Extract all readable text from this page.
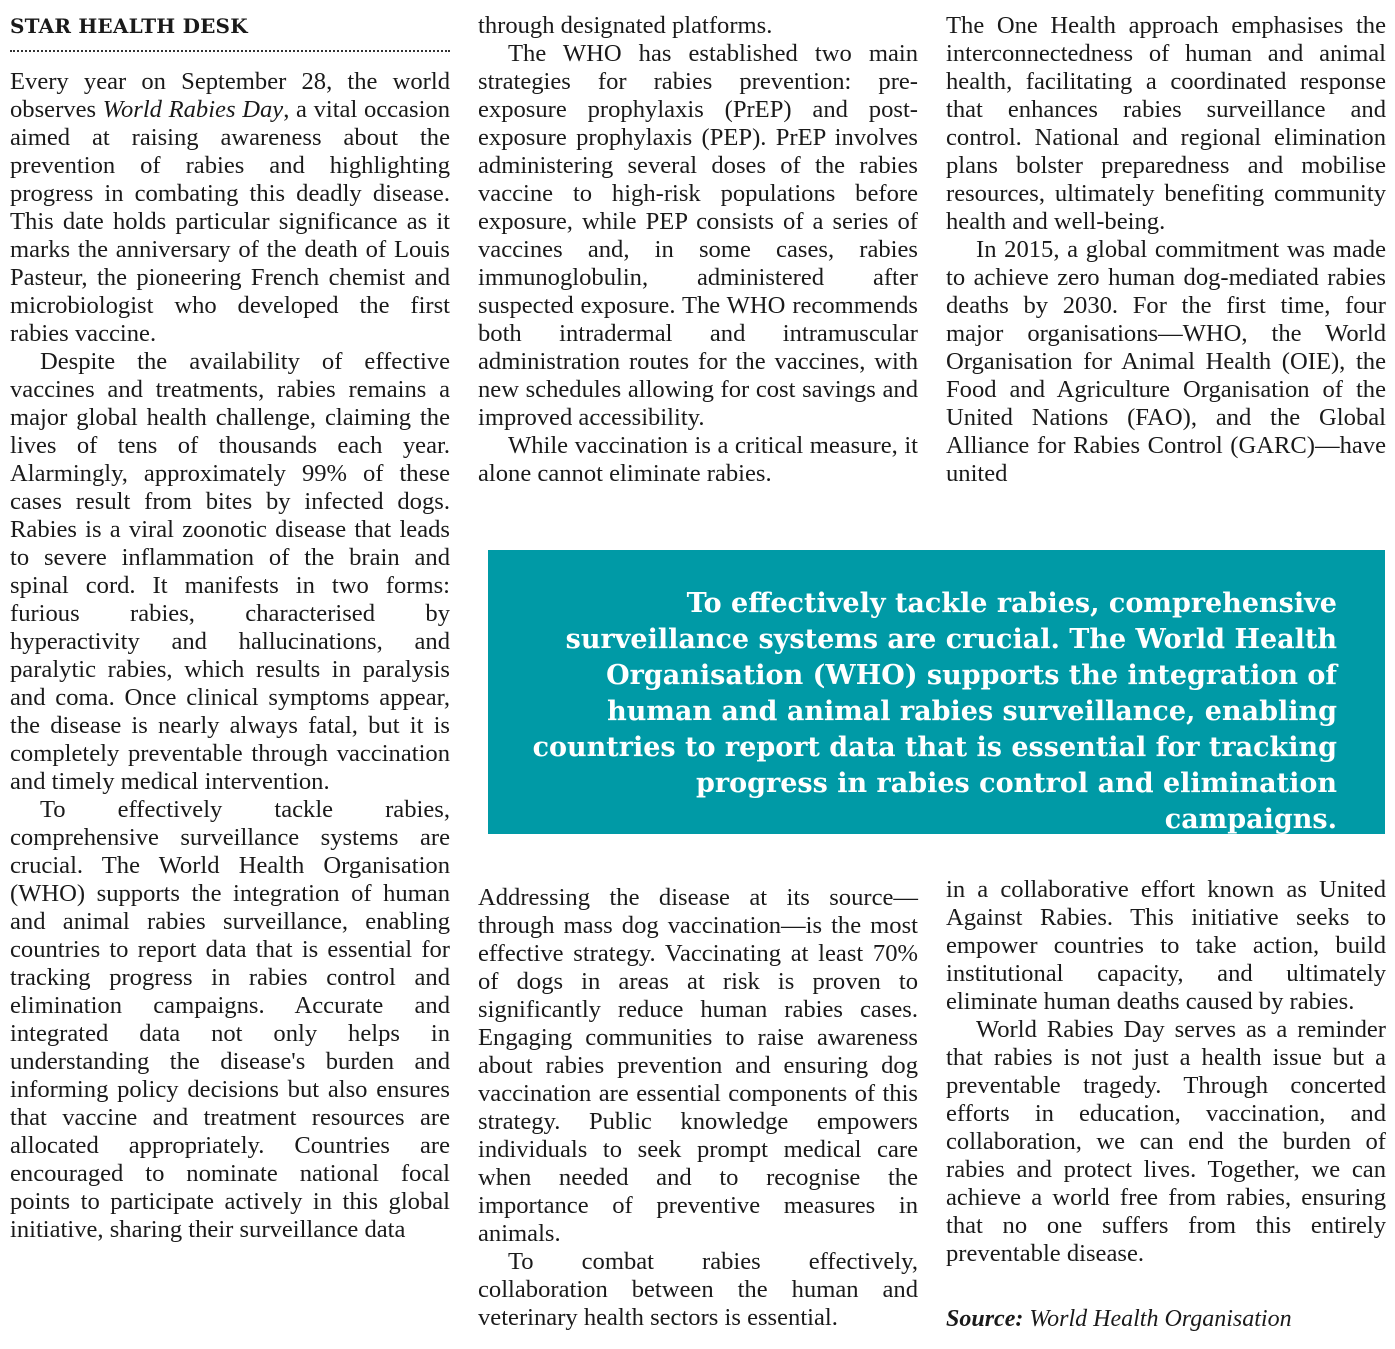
STAR HEALTH DESK

Every year on September 28, the world observes World Rabies Day, a vital occasion aimed at raising awareness about the prevention of rabies and highlighting progress in combating this deadly disease. This date holds particular significance as it marks the anniversary of the death of Louis Pasteur, the pioneering French chemist and microbiologist who developed the first rabies vaccine.

Despite the availability of effective vaccines and treatments, rabies remains a major global health challenge, claiming the lives of tens of thousands each year. Alarmingly, approximately 99% of these cases result from bites by infected dogs. Rabies is a viral zoonotic disease that leads to severe inflammation of the brain and spinal cord. It manifests in two forms: furious rabies, characterised by hyperactivity and hallucinations, and paralytic rabies, which results in paralysis and coma. Once clinical symptoms appear, the disease is nearly always fatal, but it is completely preventable through vaccination and timely medical intervention.

To effectively tackle rabies, comprehensive surveillance systems are crucial. The World Health Organisation (WHO) supports the integration of human and animal rabies surveillance, enabling countries to report data that is essential for tracking progress in rabies control and elimination campaigns. Accurate and integrated data not only helps in understanding the disease's burden and informing policy decisions but also ensures that vaccine and treatment resources are allocated appropriately. Countries are encouraged to nominate national focal points to participate actively in this global initiative, sharing their surveillance data

through designated platforms.

The WHO has established two main strategies for rabies prevention: pre-exposure prophylaxis (PrEP) and post-exposure prophylaxis (PEP). PrEP involves administering several doses of the rabies vaccine to high-risk populations before exposure, while PEP consists of a series of vaccines and, in some cases, rabies immunoglobulin, administered after suspected exposure. The WHO recommends both intradermal and intramuscular administration routes for the vaccines, with new schedules allowing for cost savings and improved accessibility.

While vaccination is a critical measure, it alone cannot eliminate rabies.

The One Health approach emphasises the interconnectedness of human and animal health, facilitating a coordinated response that enhances rabies surveillance and control. National and regional elimination plans bolster preparedness and mobilise resources, ultimately benefiting community health and well-being.

In 2015, a global commitment was made to achieve zero human dog-mediated rabies deaths by 2030. For the first time, four major organisations—WHO, the World Organisation for Animal Health (OIE), the Food and Agriculture Organisation of the United Nations (FAO), and the Global Alliance for Rabies Control (GARC)—have united

To effectively tackle rabies, comprehensive surveillance systems are crucial. The World Health Organisation (WHO) supports the integration of human and animal rabies surveillance, enabling countries to report data that is essential for tracking progress in rabies control and elimination campaigns.

Addressing the disease at its source—through mass dog vaccination—is the most effective strategy. Vaccinating at least 70% of dogs in areas at risk is proven to significantly reduce human rabies cases. Engaging communities to raise awareness about rabies prevention and ensuring dog vaccination are essential components of this strategy. Public knowledge empowers individuals to seek prompt medical care when needed and to recognise the importance of preventive measures in animals.

To combat rabies effectively, collaboration between the human and veterinary health sectors is essential.

in a collaborative effort known as United Against Rabies. This initiative seeks to empower countries to take action, build institutional capacity, and ultimately eliminate human deaths caused by rabies.

World Rabies Day serves as a reminder that rabies is not just a health issue but a preventable tragedy. Through concerted efforts in education, vaccination, and collaboration, we can end the burden of rabies and protect lives. Together, we can achieve a world free from rabies, ensuring that no one suffers from this entirely preventable disease.

Source: World Health Organisation
